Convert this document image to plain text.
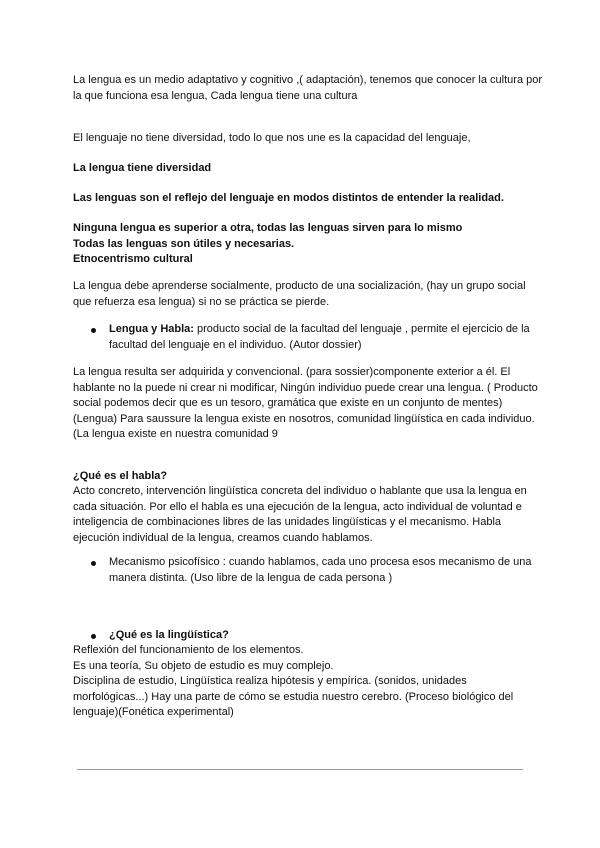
La lengua es un medio adaptativo y cognitivo ,( adaptación), tenemos que conocer la cultura por la que funciona esa lengua, Cada lengua tiene una cultura

El lenguaje no tiene diversidad, todo lo que nos une es la capacidad del lenguaje,

La lengua tiene diversidad
Las lenguas son el reflejo del lenguaje en modos distintos de entender la realidad.

Ninguna lengua es superior a otra, todas las lenguas sirven para lo mismo

Todas las lenguas son útiles y necesarias.

Etnocentrismo cultural

La lengua debe aprenderse socialmente, producto de una socialización, (hay un grupo social que refuerza esa lengua) si no se práctica se pierde.

Lengua y Habla: producto social de la facultad del lenguaje , permite el ejercicio de la facultad del lenguaje en el individuo. (Autor dossier)

La lengua resulta ser adquirida y convencional. (para sossier)componente exterior a él. El hablante no la puede ni crear ni modificar, Ningún individuo puede crear una lengua. ( Producto social podemos decir que es un tesoro, gramática que existe en un conjunto de mentes) (Lengua) Para saussure la lengua existe en nosotros, comunidad lingüística en cada individuo. (La lengua existe en nuestra comunidad 9

¿Qué es el habla?

Acto concreto, intervención lingüística concreta del individuo o hablante que usa la lengua en cada situación. Por ello el habla es una ejecución de la lengua, acto individual de voluntad e inteligencia de combinaciones libres de las unidades lingüísticas y el mecanismo. Habla ejecución individual de la lengua, creamos cuando hablamos.

Mecanismo psicofísico : cuando hablamos, cada uno procesa esos mecanismo de una manera distinta. (Uso libre de la lengua de cada persona )

¿Qué es la lingüística?

Reflexión del funcionamiento de los elementos.

Es una teoría, Su objeto de estudio es muy complejo.

Disciplina de estudio, Lingüística realiza hipótesis y empírica. (sonidos, unidades morfológicas...) Hay una parte de cómo se estudia nuestro cerebro. (Proceso biológico del lenguaje)(Fonética experimental)
